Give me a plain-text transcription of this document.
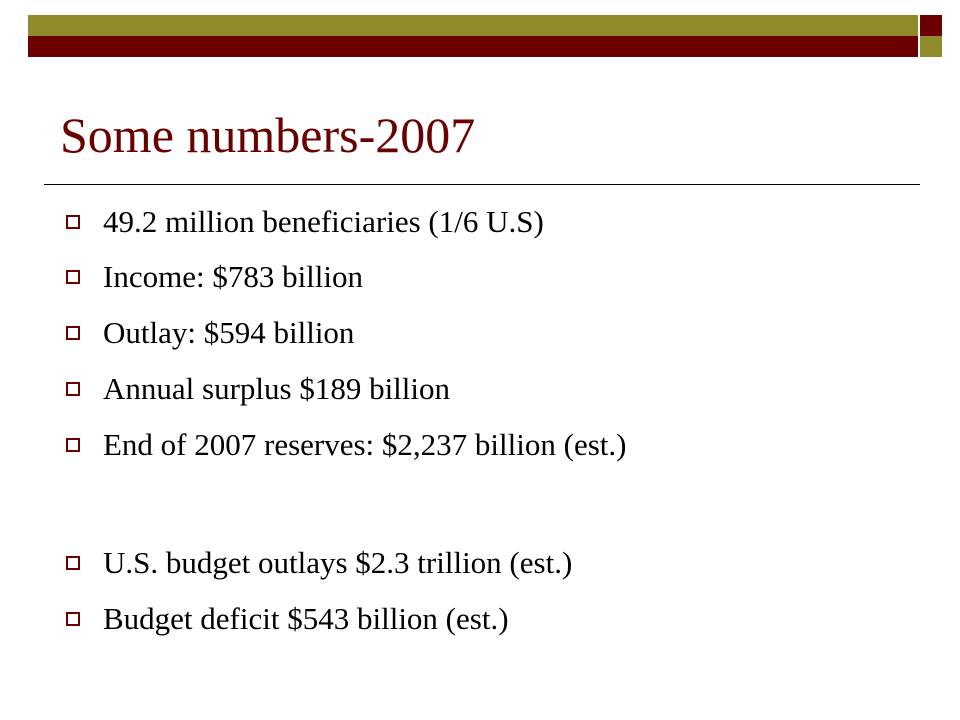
Some numbers-2007
49.2 million beneficiaries (1/6 U.S)
Income: $783 billion
Outlay: $594 billion
Annual surplus $189 billion
End of 2007 reserves: $2,237 billion (est.)
U.S. budget outlays $2.3 trillion (est.)
Budget deficit $543 billion (est.)
